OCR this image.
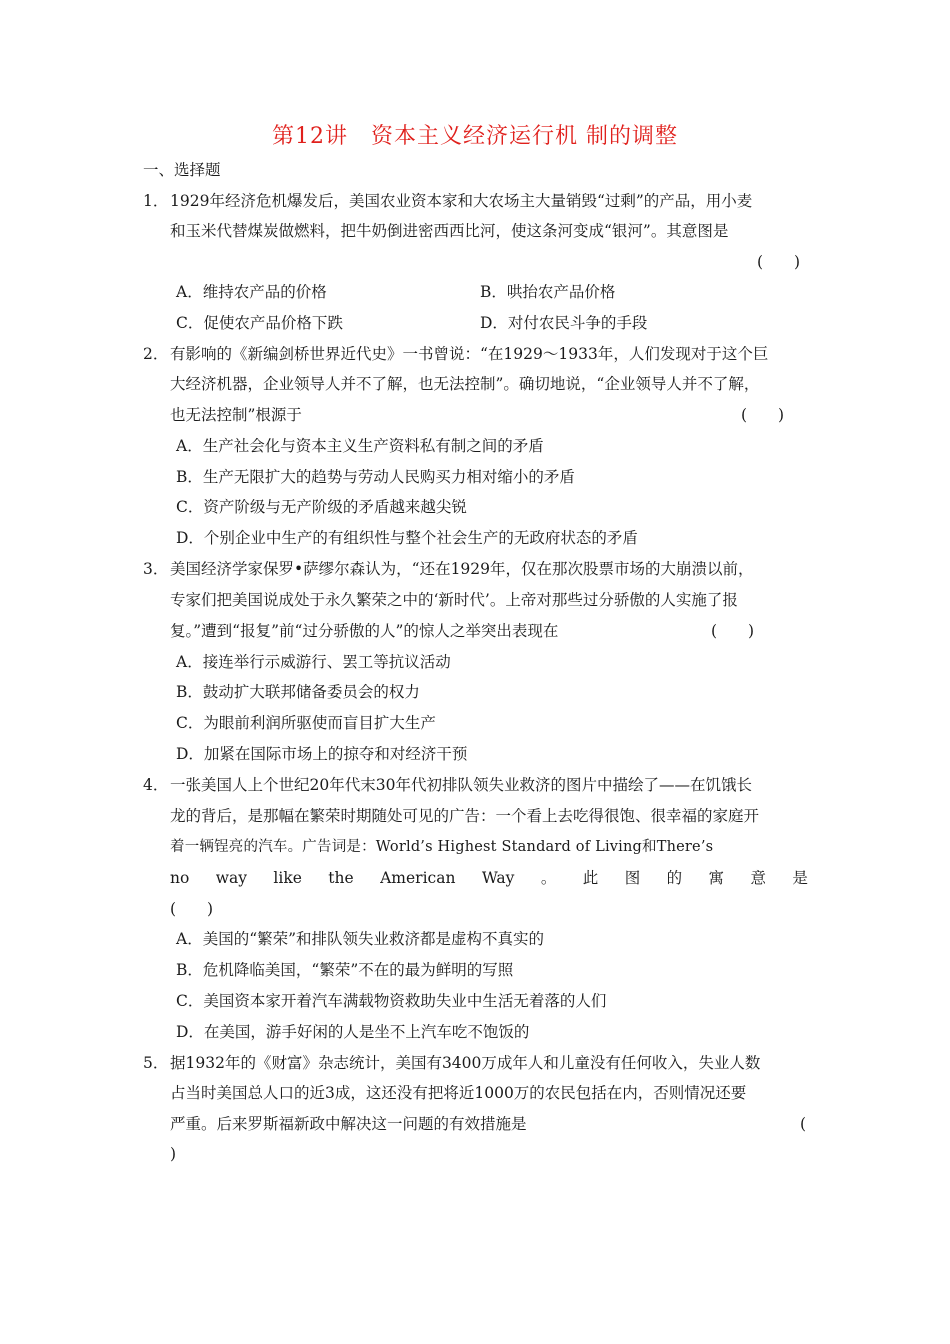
第12讲　资本主义经济运行机 制的调整
一、选择题
1． 1929年经济危机爆发后，美国农业资本家和大农场主大量销毁“过剩”的产品，用小麦
和玉米代替煤炭做燃料，把牛奶倒进密西西比河，使这条河变成“银河”。其意图是
(　　)
A．维持农产品的价格	B．哄抬农产品价格
C．促使农产品价格下跌	D．对付农民斗争的手段
2． 有影响的《新编剑桥世界近代史》一书曾说：“在1929～1933年，人们发现对于这个巨
大经济机器，企业领导人并不了解，也无法控制”。确切地说，“企业领导人并不了解，
也无法控制”根源于	(　　)
A．生产社会化与资本主义生产资料私有制之间的矛盾
B．生产无限扩大的趋势与劳动人民购买力相对缩小的矛盾
C．资产阶级与无产阶级的矛盾越来越尖锐
D．个别企业中生产的有组织性与整个社会生产的无政府状态的矛盾
3． 美国经济学家保罗•萨缪尔森认为，“还在1929年，仅在那次股票市场的大崩溃以前，
专家们把美国说成处于永久繁荣之中的‘新时代’。上帝对那些过分骄傲的人实施了报
复。”遭到“报复”前“过分骄傲的人”的惊人之举突出表现在	(　　)
A．接连举行示威游行、罢工等抗议活动
B．鼓动扩大联邦储备委员会的权力
C．为眼前利润所驱使而盲目扩大生产
D．加紧在国际市场上的掠夺和对经济干预
4． 一张美国人上个世纪20年代末30年代初排队领失业救济的图片中描绘了——在饥饿长
龙的背后，是那幅在繁荣时期随处可见的广告：一个看上去吃得很饱、很幸福的家庭开
着一辆锃亮的汽车。广告词是：World’s Highest Standard of Living和There’s
no way like the American Way 。 此 图 的 寓 意 是
(　　)
A．美国的“繁荣”和排队领失业救济都是虚构不真实的
B．危机降临美国，“繁荣”不在的最为鲜明的写照
C．美国资本家开着汽车满载物资救助失业中生活无着落的人们
D．在美国，游手好闲的人是坐不上汽车吃不饱饭的
5． 据1932年的《财富》杂志统计，美国有3400万成年人和儿童没有任何收入，失业人数
占当时美国总人口的近3成，这还没有把将近1000万的农民包括在内，否则情况还要
严重。后来罗斯福新政中解决这一问题的有效措施是	(
)
